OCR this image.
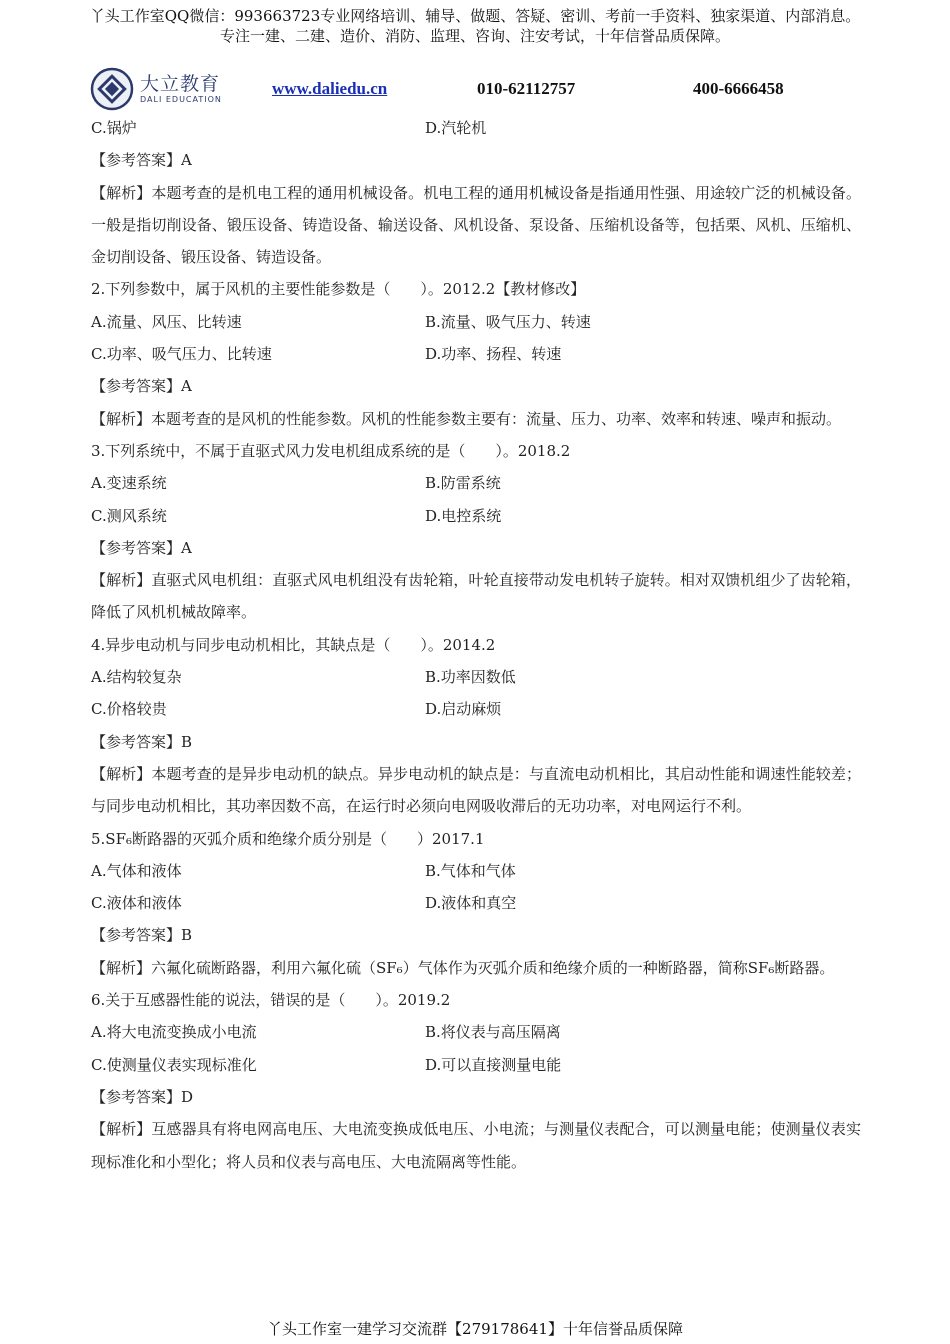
丫头工作室QQ微信：993663723专业网络培训、辅导、做题、答疑、密训、考前一手资料、独家渠道、内部消息。
专注一建、二建、造价、消防、监理、咨询、注安考试，十年信誉品质保障。
大立教育
DALI EDUCATION
www.daliedu.cn	010-62112757	400-6666458
C.锅炉	D.汽轮机
【参考答案】A
【解析】本题考查的是机电工程的通用机械设备。机电工程的通用机械设备是指通用性强、用途较广泛的机械设备。一般是指切削设备、锻压设备、铸造设备、输送设备、风机设备、泵设备、压缩机设备等，包括栗、风机、压缩机、金切削设备、锻压设备、铸造设备。
2.下列参数中，属于风机的主要性能参数是（　　）。2012.2【教材修改】
A.流量、风压、比转速	B.流量、吸气压力、转速
C.功率、吸气压力、比转速	D.功率、扬程、转速
【参考答案】A
【解析】本题考查的是风机的性能参数。风机的性能参数主要有：流量、压力、功率、效率和转速、噪声和振动。
3.下列系统中，不属于直驱式风力发电机组成系统的是（　　）。2018.2
A.变速系统	B.防雷系统
C.测风系统	D.电控系统
【参考答案】A
【解析】直驱式风电机组：直驱式风电机组没有齿轮箱，叶轮直接带动发电机转子旋转。相对双馈机组少了齿轮箱，降低了风机机械故障率。
4.异步电动机与同步电动机相比，其缺点是（　　）。2014.2
A.结构较复杂	B.功率因数低
C.价格较贵	D.启动麻烦
【参考答案】B
【解析】本题考查的是异步电动机的缺点。异步电动机的缺点是：与直流电动机相比，其启动性能和调速性能较差；与同步电动机相比，其功率因数不高，在运行时必须向电网吸收滞后的无功功率，对电网运行不利。
5.SF₆断路器的灭弧介质和绝缘介质分别是（　　）2017.1
A.气体和液体	B.气体和气体
C.液体和液体	D.液体和真空
【参考答案】B
【解析】六氟化硫断路器，利用六氟化硫（SF₆）气体作为灭弧介质和绝缘介质的一种断路器，简称SF₆断路器。
6.关于互感器性能的说法，错误的是（　　）。2019.2
A.将大电流变换成小电流	B.将仪表与高压隔离
C.使测量仪表实现标准化	D.可以直接测量电能
【参考答案】D
【解析】互感器具有将电网高电压、大电流变换成低电压、小电流；与测量仪表配合，可以测量电能；使测量仪表实现标准化和小型化；将人员和仪表与高电压、大电流隔离等性能。
丫头工作室一建学习交流群【279178641】十年信誉品质保障
